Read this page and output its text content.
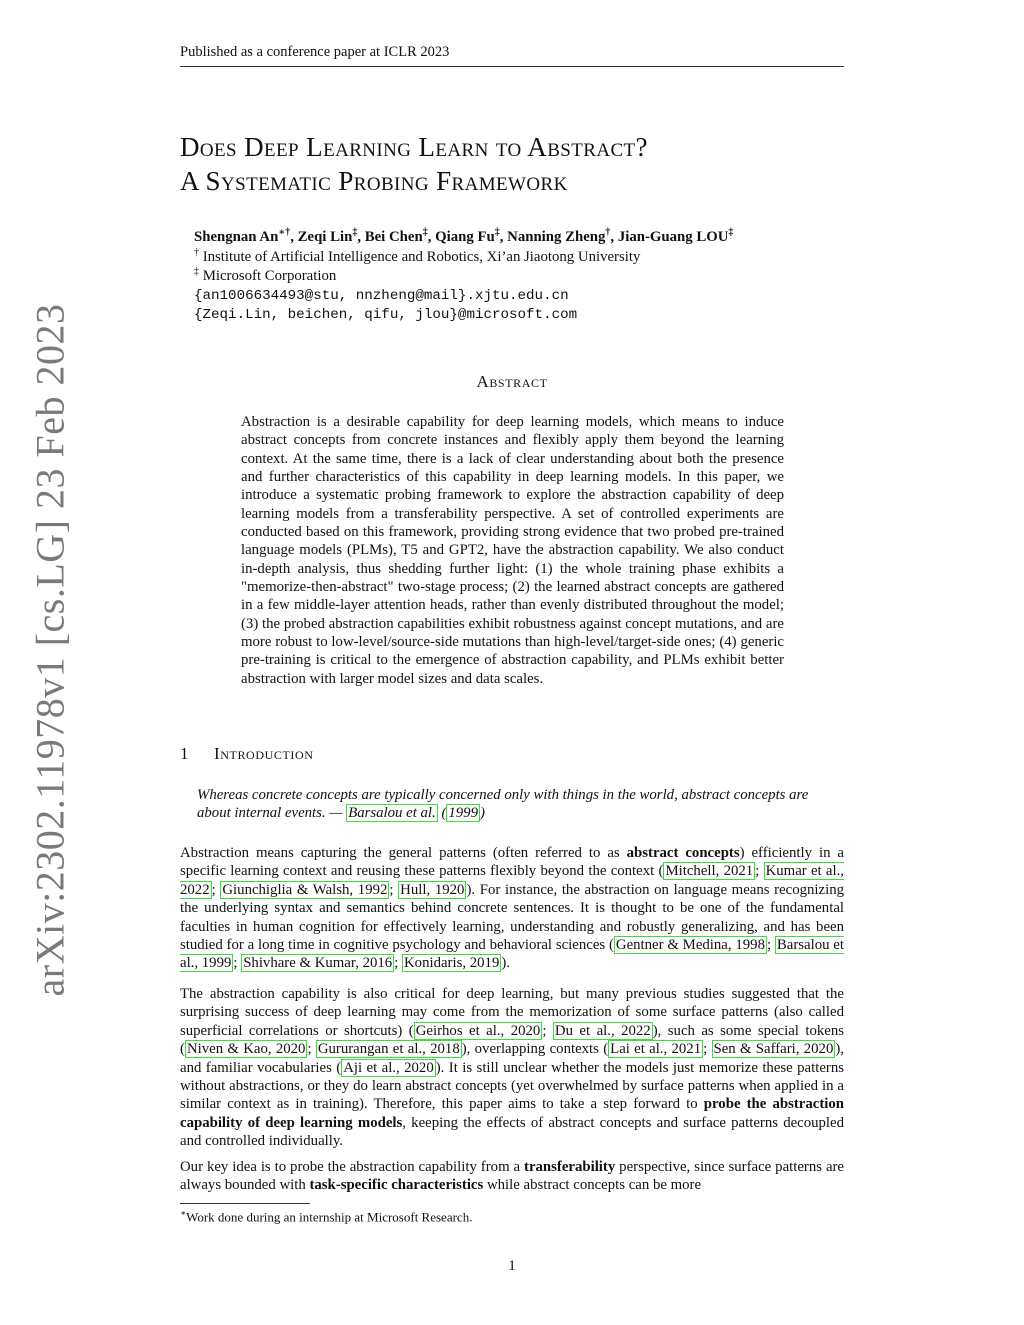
arXiv:2302.11978v1 [cs.LG] 23 Feb 2023
Published as a conference paper at ICLR 2023
Does Deep Learning Learn to Abstract?
A Systematic Probing Framework
Shengnan An∗†, Zeqi Lin‡, Bei Chen‡, Qiang Fu‡, Nanning Zheng†, Jian-Guang LOU‡
† Institute of Artificial Intelligence and Robotics, Xi’an Jiaotong University
‡ Microsoft Corporation
{an1006634493@stu, nnzheng@mail}.xjtu.edu.cn
{Zeqi.Lin, beichen, qifu, jlou}@microsoft.com
Abstract

Abstraction is a desirable capability for deep learning models, which means to induce abstract concepts from concrete instances and flexibly apply them beyond the learning context. At the same time, there is a lack of clear understanding about both the presence and further characteristics of this capability in deep learning models. In this paper, we introduce a systematic probing framework to explore the abstraction capability of deep learning models from a transferability perspective. A set of controlled experiments are conducted based on this framework, providing strong evidence that two probed pre-trained language models (PLMs), T5 and GPT2, have the abstraction capability. We also conduct in-depth analysis, thus shedding further light: (1) the whole training phase exhibits a "memorize-then-abstract" two-stage process; (2) the learned abstract concepts are gathered in a few middle-layer attention heads, rather than evenly distributed throughout the model; (3) the probed abstraction capabilities exhibit robustness against concept mutations, and are more robust to low-level/source-side mutations than high-level/target-side ones; (4) generic pre-training is critical to the emergence of abstraction capability, and PLMs exhibit better abstraction with larger model sizes and data scales.

1 Introduction

Whereas concrete concepts are typically concerned only with things in the world, abstract concepts are about internal events. — Barsalou et al. ( 1999 )

Abstraction means capturing the general patterns (often referred to as abstract concepts) efficiently in a specific learning context and reusing these patterns flexibly beyond the context ( Mitchell, 2021 ; Kumar et al., 2022 ; Giunchiglia & Walsh, 1992 ; Hull, 1920 ). For instance, the abstraction on language means recognizing the underlying syntax and semantics behind concrete sentences. It is thought to be one of the fundamental faculties in human cognition for effectively learning, understanding and robustly generalizing, and has been studied for a long time in cognitive psychology and behavioral sciences ( Gentner & Medina, 1998 ; Barsalou et al., 1999 ; Shivhare & Kumar, 2016 ; Konidaris, 2019 ).

The abstraction capability is also critical for deep learning, but many previous studies suggested that the surprising success of deep learning may come from the memorization of some surface patterns (also called superficial correlations or shortcuts) ( Geirhos et al., 2020 ; Du et al., 2022 ), such as some special tokens ( Niven & Kao, 2020 ; Gururangan et al., 2018 ), overlapping contexts ( Lai et al., 2021 ; Sen & Saffari, 2020 ), and familiar vocabularies ( Aji et al., 2020 ). It is still unclear whether the models just memorize these patterns without abstractions, or they do learn abstract concepts (yet overwhelmed by surface patterns when applied in a similar context as in training). Therefore, this paper aims to take a step forward to probe the abstraction capability of deep learning models, keeping the effects of abstract concepts and surface patterns decoupled and controlled individually.

Our key idea is to probe the abstraction capability from a transferability perspective, since surface patterns are always bounded with task-specific characteristics while abstract concepts can be more

∗Work done during an internship at Microsoft Research.
1
